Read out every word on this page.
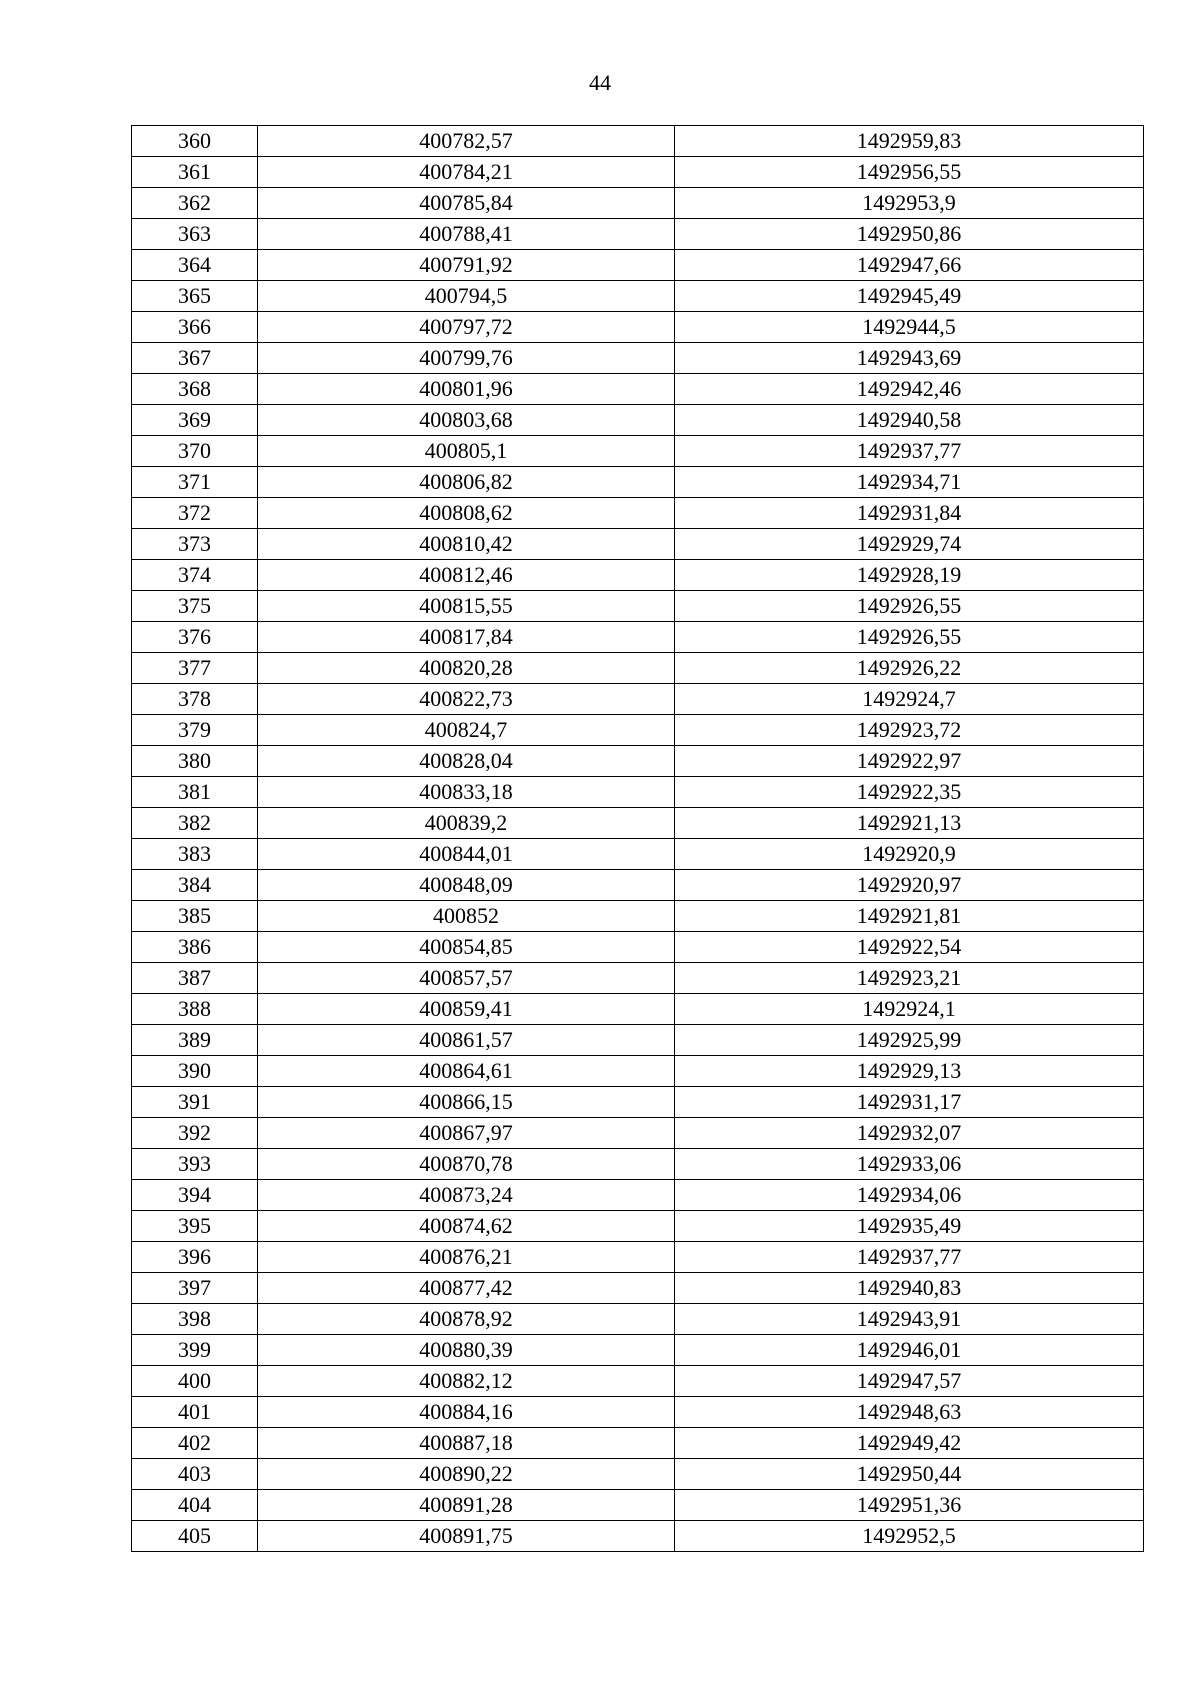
44
360	400782,57	1492959,83
361	400784,21	1492956,55
362	400785,84	1492953,9
363	400788,41	1492950,86
364	400791,92	1492947,66
365	400794,5	1492945,49
366	400797,72	1492944,5
367	400799,76	1492943,69
368	400801,96	1492942,46
369	400803,68	1492940,58
370	400805,1	1492937,77
371	400806,82	1492934,71
372	400808,62	1492931,84
373	400810,42	1492929,74
374	400812,46	1492928,19
375	400815,55	1492926,55
376	400817,84	1492926,55
377	400820,28	1492926,22
378	400822,73	1492924,7
379	400824,7	1492923,72
380	400828,04	1492922,97
381	400833,18	1492922,35
382	400839,2	1492921,13
383	400844,01	1492920,9
384	400848,09	1492920,97
385	400852	1492921,81
386	400854,85	1492922,54
387	400857,57	1492923,21
388	400859,41	1492924,1
389	400861,57	1492925,99
390	400864,61	1492929,13
391	400866,15	1492931,17
392	400867,97	1492932,07
393	400870,78	1492933,06
394	400873,24	1492934,06
395	400874,62	1492935,49
396	400876,21	1492937,77
397	400877,42	1492940,83
398	400878,92	1492943,91
399	400880,39	1492946,01
400	400882,12	1492947,57
401	400884,16	1492948,63
402	400887,18	1492949,42
403	400890,22	1492950,44
404	400891,28	1492951,36
405	400891,75	1492952,5
